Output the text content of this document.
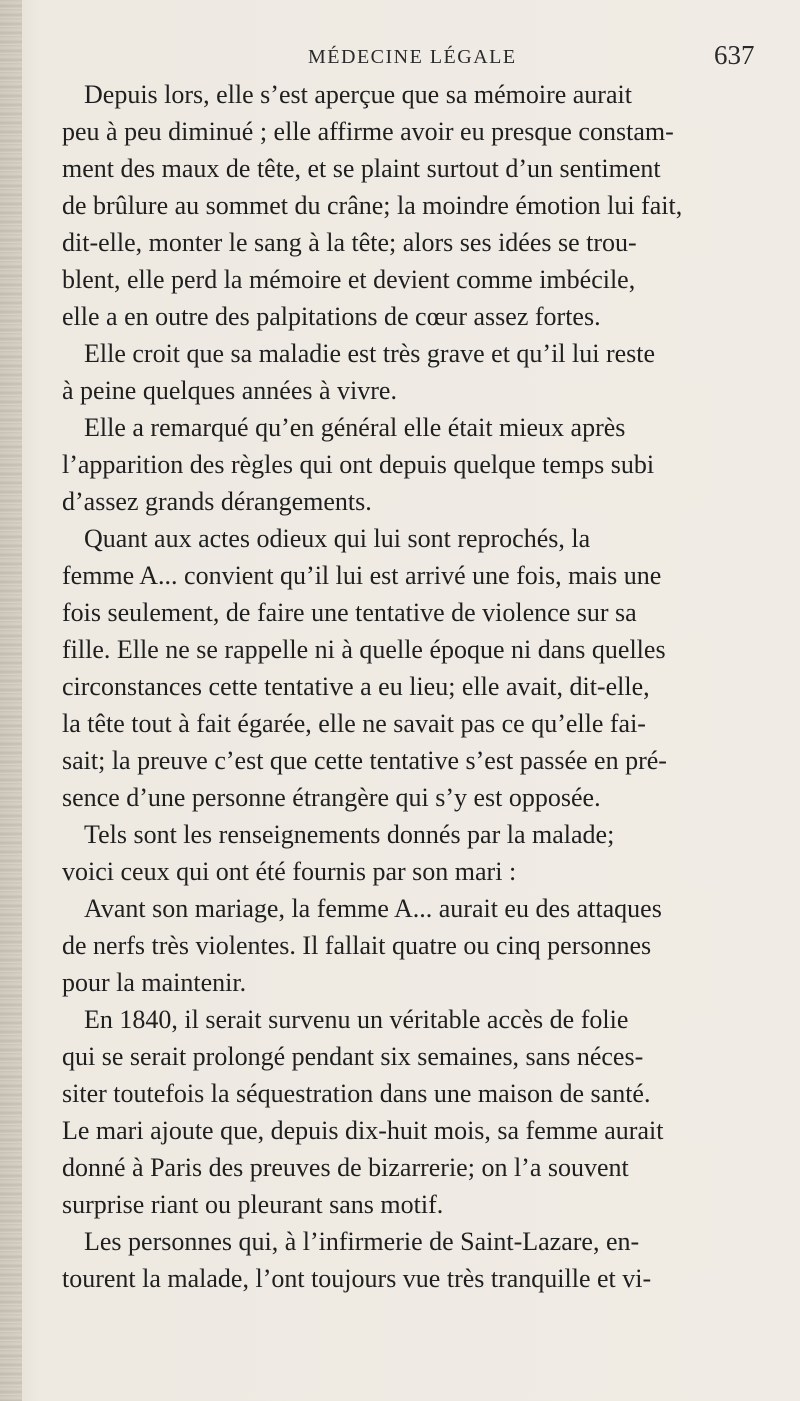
MÉDECINE LÉGALE	637
Depuis lors, elle s’est aperçue que sa mémoire aurait
peu à peu diminué ; elle affirme avoir eu presque constam-
ment des maux de tête, et se plaint surtout d’un sentiment
de brûlure au sommet du crâne; la moindre émotion lui fait,
dit-elle, monter le sang à la tête; alors ses idées se trou-
blent, elle perd la mémoire et devient comme imbécile,
elle a en outre des palpitations de cœur assez fortes.
Elle croit que sa maladie est très grave et qu’il lui reste
à peine quelques années à vivre.
Elle a remarqué qu’en général elle était mieux après
l’apparition des règles qui ont depuis quelque temps subi
d’assez grands dérangements.
Quant aux actes odieux qui lui sont reprochés, la
femme A... convient qu’il lui est arrivé une fois, mais une
fois seulement, de faire une tentative de violence sur sa
fille. Elle ne se rappelle ni à quelle époque ni dans quelles
circonstances cette tentative a eu lieu; elle avait, dit-elle,
la tête tout à fait égarée, elle ne savait pas ce qu’elle fai-
sait; la preuve c’est que cette tentative s’est passée en pré-
sence d’une personne étrangère qui s’y est opposée.
Tels sont les renseignements donnés par la malade;
voici ceux qui ont été fournis par son mari :
Avant son mariage, la femme A... aurait eu des attaques
de nerfs très violentes. Il fallait quatre ou cinq personnes
pour la maintenir.
En 1840, il serait survenu un véritable accès de folie
qui se serait prolongé pendant six semaines, sans néces-
siter toutefois la séquestration dans une maison de santé.
Le mari ajoute que, depuis dix-huit mois, sa femme aurait
donné à Paris des preuves de bizarrerie; on l’a souvent
surprise riant ou pleurant sans motif.
Les personnes qui, à l’infirmerie de Saint-Lazare, en-
tourent la malade, l’ont toujours vue très tranquille et vi-
